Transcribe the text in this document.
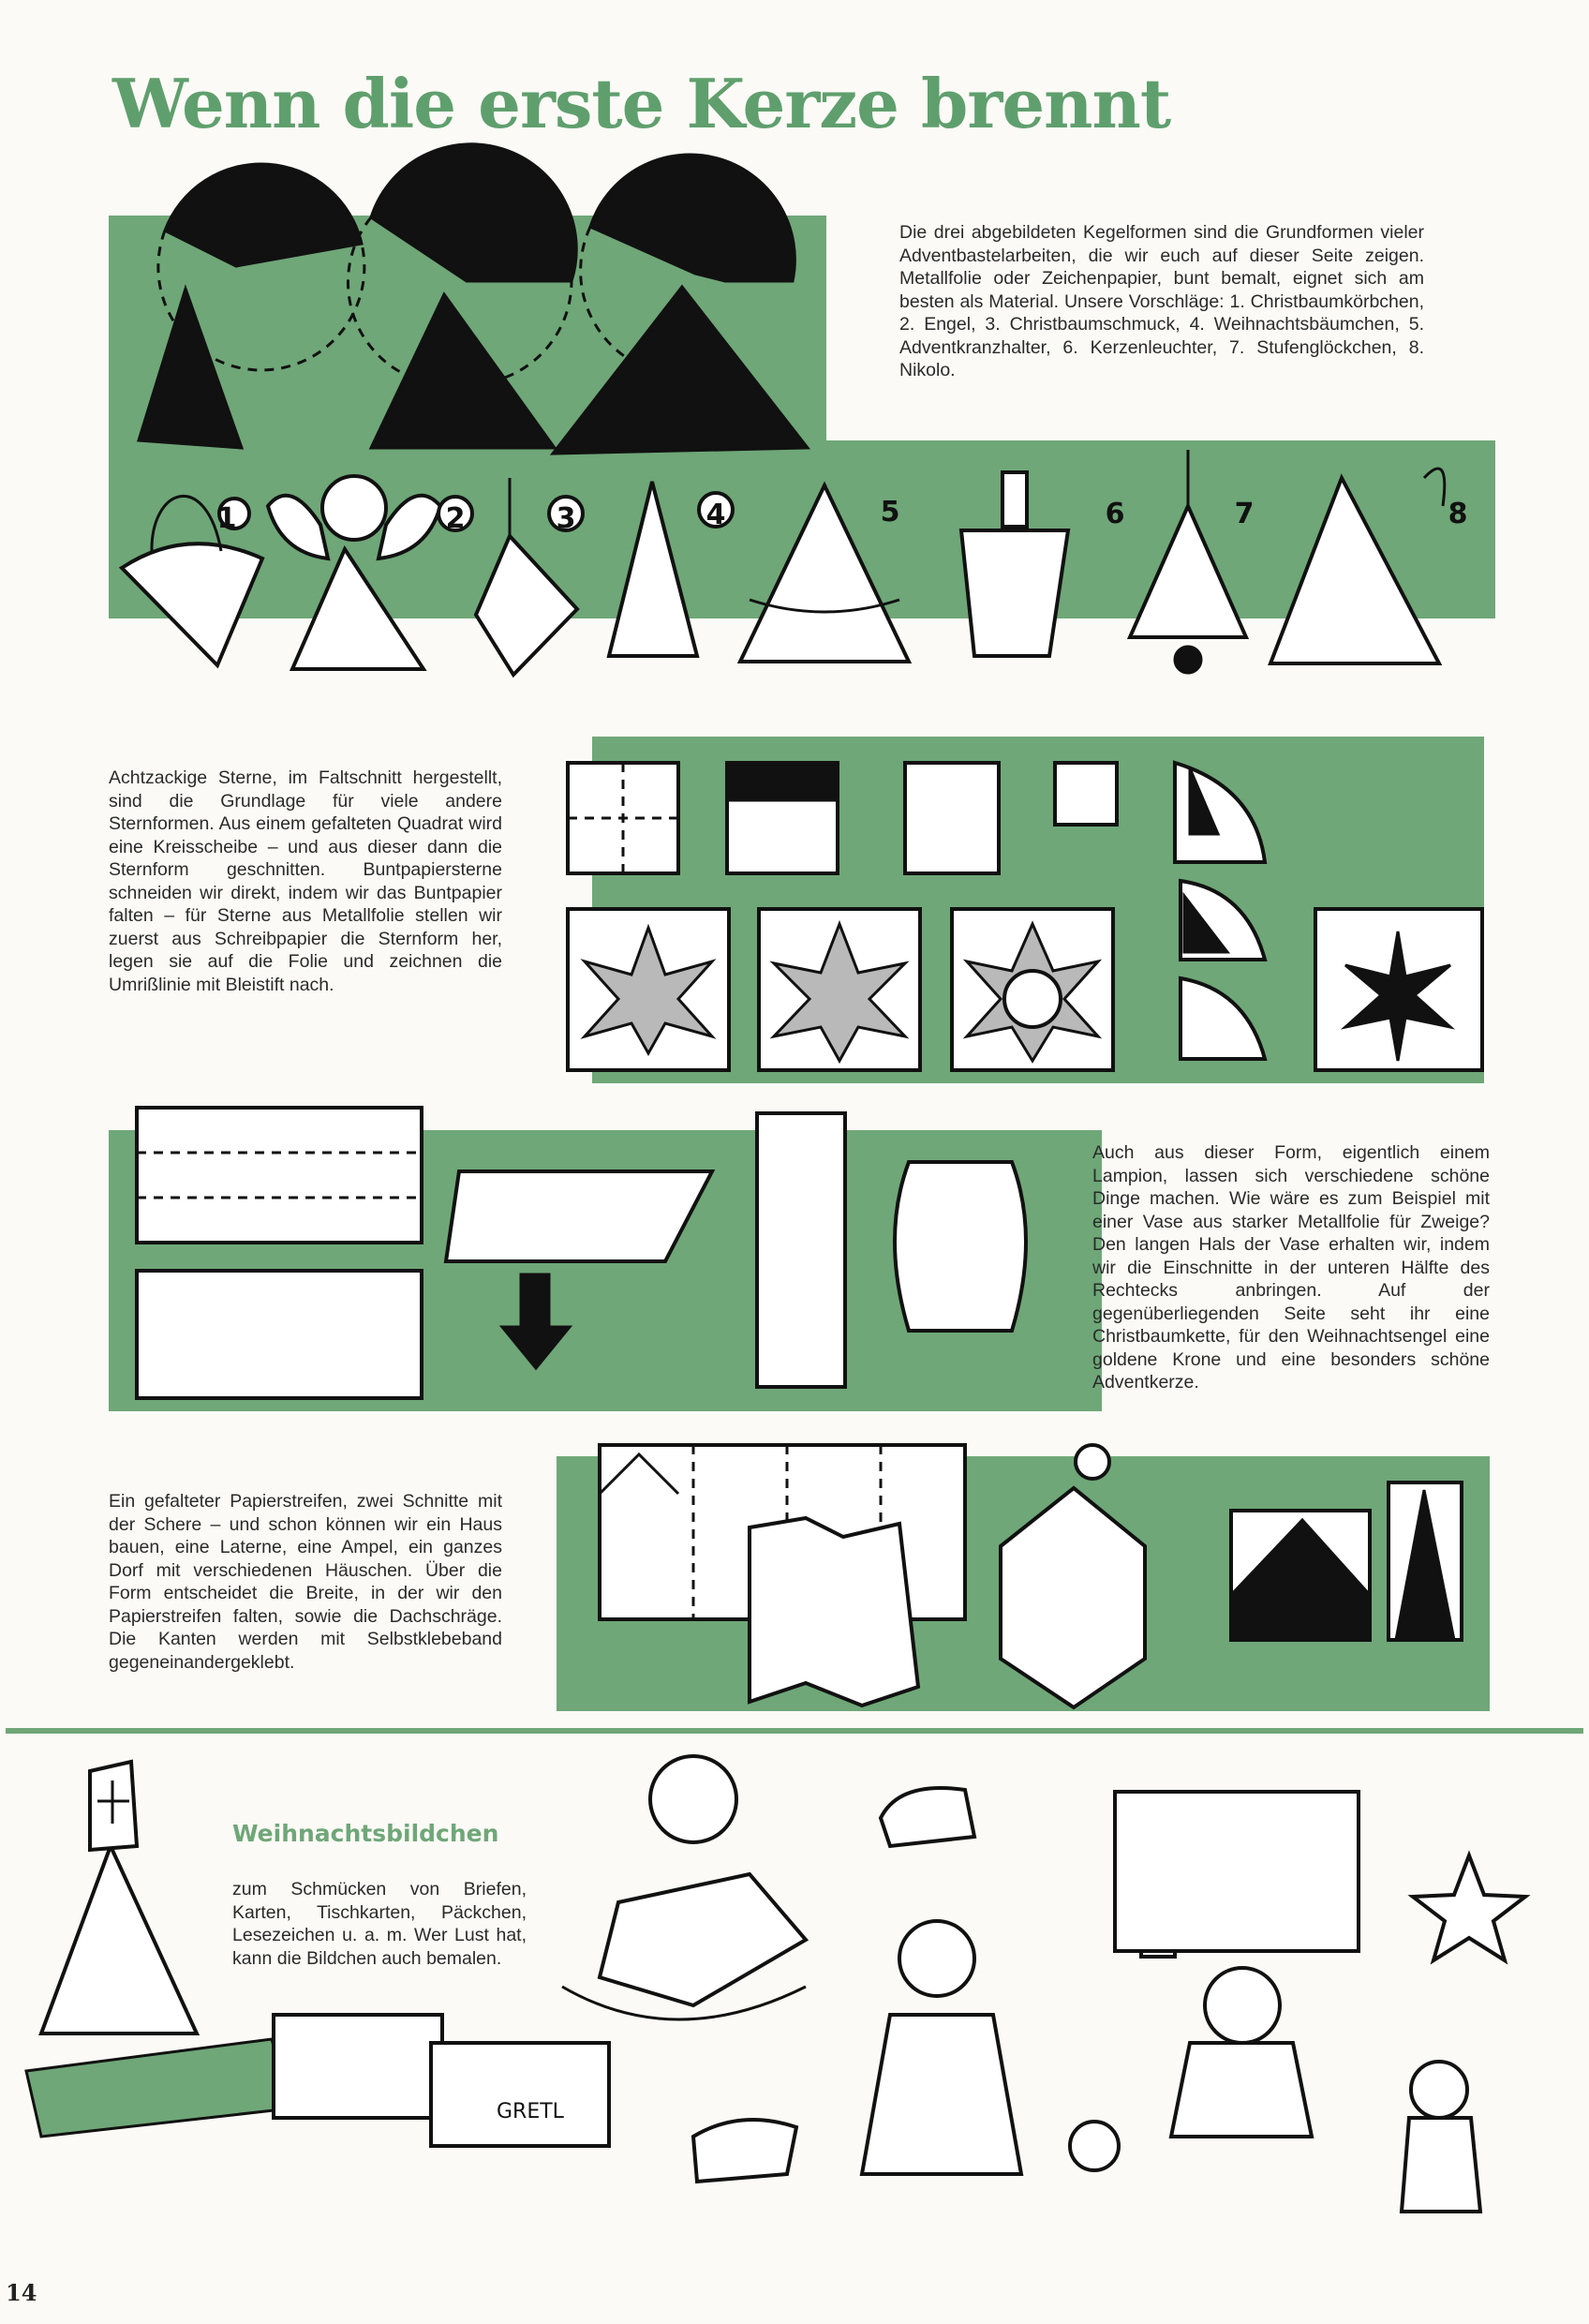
Wenn die erste Kerze brennt
Die drei abgebildeten Kegelformen sind die Grundformen vieler Adventbastelarbeiten, die wir euch auf dieser Seite zeigen. Metallfolie oder Zeichenpapier, bunt bemalt, eignet sich am besten als Material. Unsere Vorschläge: 1. Christbaumkörbchen, 2. Engel, 3. Christbaumschmuck, 4. Weihnachtsbäumchen, 5. Adventkranzhalter, 6. Kerzenleuchter, 7. Stufenglöckchen, 8. Nikolo.
1	2	3	4	5	6	7	8
Achtzackige Sterne, im Faltschnitt hergestellt, sind die Grundlage für viele andere Sternformen. Aus einem gefalteten Quadrat wird eine Kreisscheibe – und aus dieser dann die Sternform geschnitten. Buntpapiersterne schneiden wir direkt, indem wir das Buntpapier falten – für Sterne aus Metallfolie stellen wir zuerst aus Schreibpapier die Sternform her, legen sie auf die Folie und zeichnen die Umrißlinie mit Bleistift nach.
Auch aus dieser Form, eigentlich einem Lampion, lassen sich verschiedene schöne Dinge machen. Wie wäre es zum Beispiel mit einer Vase aus starker Metallfolie für Zweige? Den langen Hals der Vase erhalten wir, indem wir die Einschnitte in der unteren Hälfte des Rechtecks anbringen. Auf der gegenüberliegenden Seite seht ihr eine Christbaumkette, für den Weihnachtsengel eine goldene Krone und eine besonders schöne Adventkerze.
Ein gefalteter Papierstreifen, zwei Schnitte mit der Schere – und schon können wir ein Haus bauen, eine Laterne, eine Ampel, ein ganzes Dorf mit verschiedenen Häuschen. Über die Form entscheidet die Breite, in der wir den Papierstreifen falten, sowie die Dachschräge. Die Kanten werden mit Selbstklebeband gegeneinandergeklebt.
Weihnachtsbildchen
zum Schmücken von Briefen, Karten, Tischkarten, Päckchen, Lesezeichen u. a. m. Wer Lust hat, kann die Bildchen auch bemalen.
GRETL
14
